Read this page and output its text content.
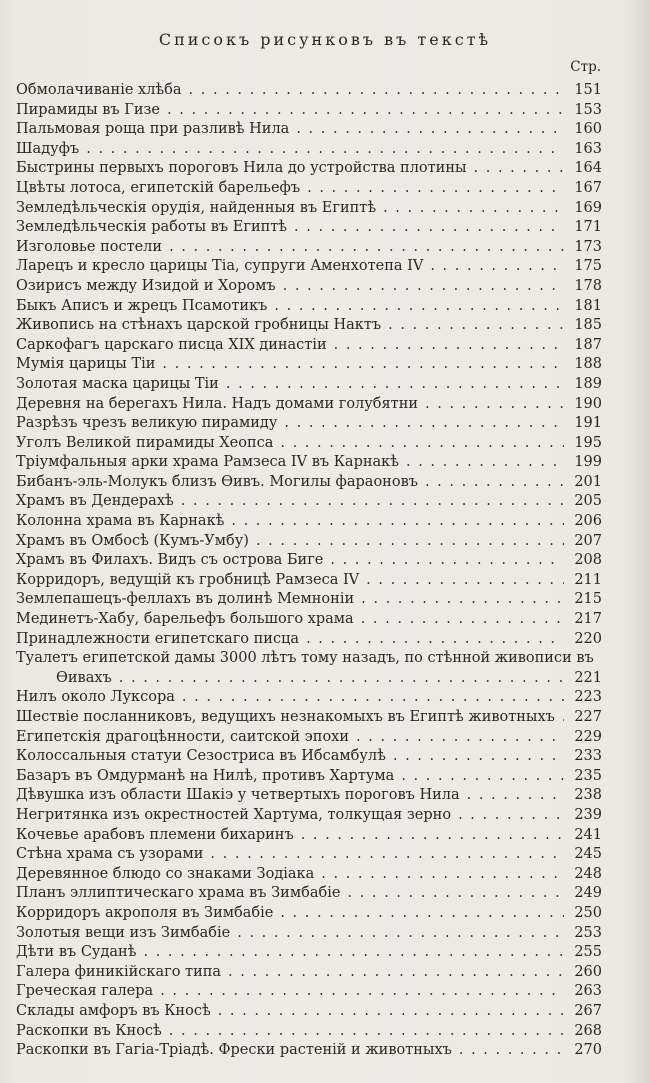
Списокъ рисунковъ въ текстѣ
Стр.
Обмолачиваніе хлѣба . . .	151
Пирамиды въ Гизе . . .	153
Пальмовая роща при разливѣ Нила . . .	160
Шадуфъ . . .	163
Быстрины первыхъ пороговъ Нила до устройства плотины . . .	164
Цвѣты лотоса, египетскій барельефъ . . .	167
Земледѣльческія орудія, найденныя въ Египтѣ . . .	169
Земледѣльческія работы въ Египтѣ . . .	171
Изголовье постели . . .	173
Ларецъ и кресло царицы Тіа, супруги Аменхотепа IV . . .	175
Озирисъ между Изидой и Хоромъ . . .	178
Быкъ Аписъ и жрецъ Псамотикъ . . .	181
Живопись на стѣнахъ царской гробницы Нактъ . . .	185
Саркофагъ царскаго писца XIX династіи . . .	187
Мумія царицы Тіи . . .	188
Золотая маска царицы Тіи . . .	189
Деревня на берегахъ Нила. Надъ домами голубятни . . .	190
Разрѣзъ чрезъ великую пирамиду . . .	191
Уголъ Великой пирамиды Хеопса . . .	195
Тріумфальныя арки храма Рамзеса IV въ Карнакѣ . . .	199
Бибанъ-эль-Молукъ близъ Ѳивъ. Могилы фараоновъ . . .	201
Храмъ въ Дендерахѣ . . .	205
Колонна храма въ Карнакѣ . . .	206
Храмъ въ Омбосѣ (Кумъ-Умбу) . . .	207
Храмъ въ Филахъ. Видъ съ острова Биге . . .	208
Корридоръ, ведущій къ гробницѣ Рамзеса IV . . .	211
Землепашецъ-феллахъ въ долинѣ Мемноніи . . .	215
Мединетъ-Хабу, барельефъ большого храма . . .	217
Принадлежности египетскаго писца . . .	220
Туалетъ египетской дамы 3000 лѣтъ тому назадъ, по стѣнной живописи въ
Ѳивахъ . . .	221
Нилъ около Луксора . . .	223
Шествіе посланниковъ, ведущихъ незнакомыхъ въ Египтѣ животныхъ . . .	227
Египетскія драгоцѣнности, саитской эпохи . . .	229
Колоссальныя статуи Сезостриса въ Ибсамбулѣ . . .	233
Базаръ въ Омдурманѣ на Нилѣ, противъ Хартума . . .	235
Дѣвушка изъ области Шакіэ у четвертыхъ пороговъ Нила . . .	238
Негритянка изъ окрестностей Хартума, толкущая зерно . . .	239
Кочевье арабовъ племени бихаринъ . . .	241
Стѣна храма съ узорами . . .	245
Деревянное блюдо со знаками Зодіака . . .	248
Планъ эллиптическаго храма въ Зимбабіе . . .	249
Корридоръ акрополя въ Зимбабіе . . .	250
Золотыя вещи изъ Зимбабіе . . .	253
Дѣти въ Суданѣ . . .	255
Галера финикійскаго типа . . .	260
Греческая галера . . .	263
Склады амфоръ въ Кносѣ . . .	267
Раскопки въ Кносѣ . . .	268
Раскопки въ Гагіа-Тріадѣ. Фрески растеній и животныхъ . . .	270
